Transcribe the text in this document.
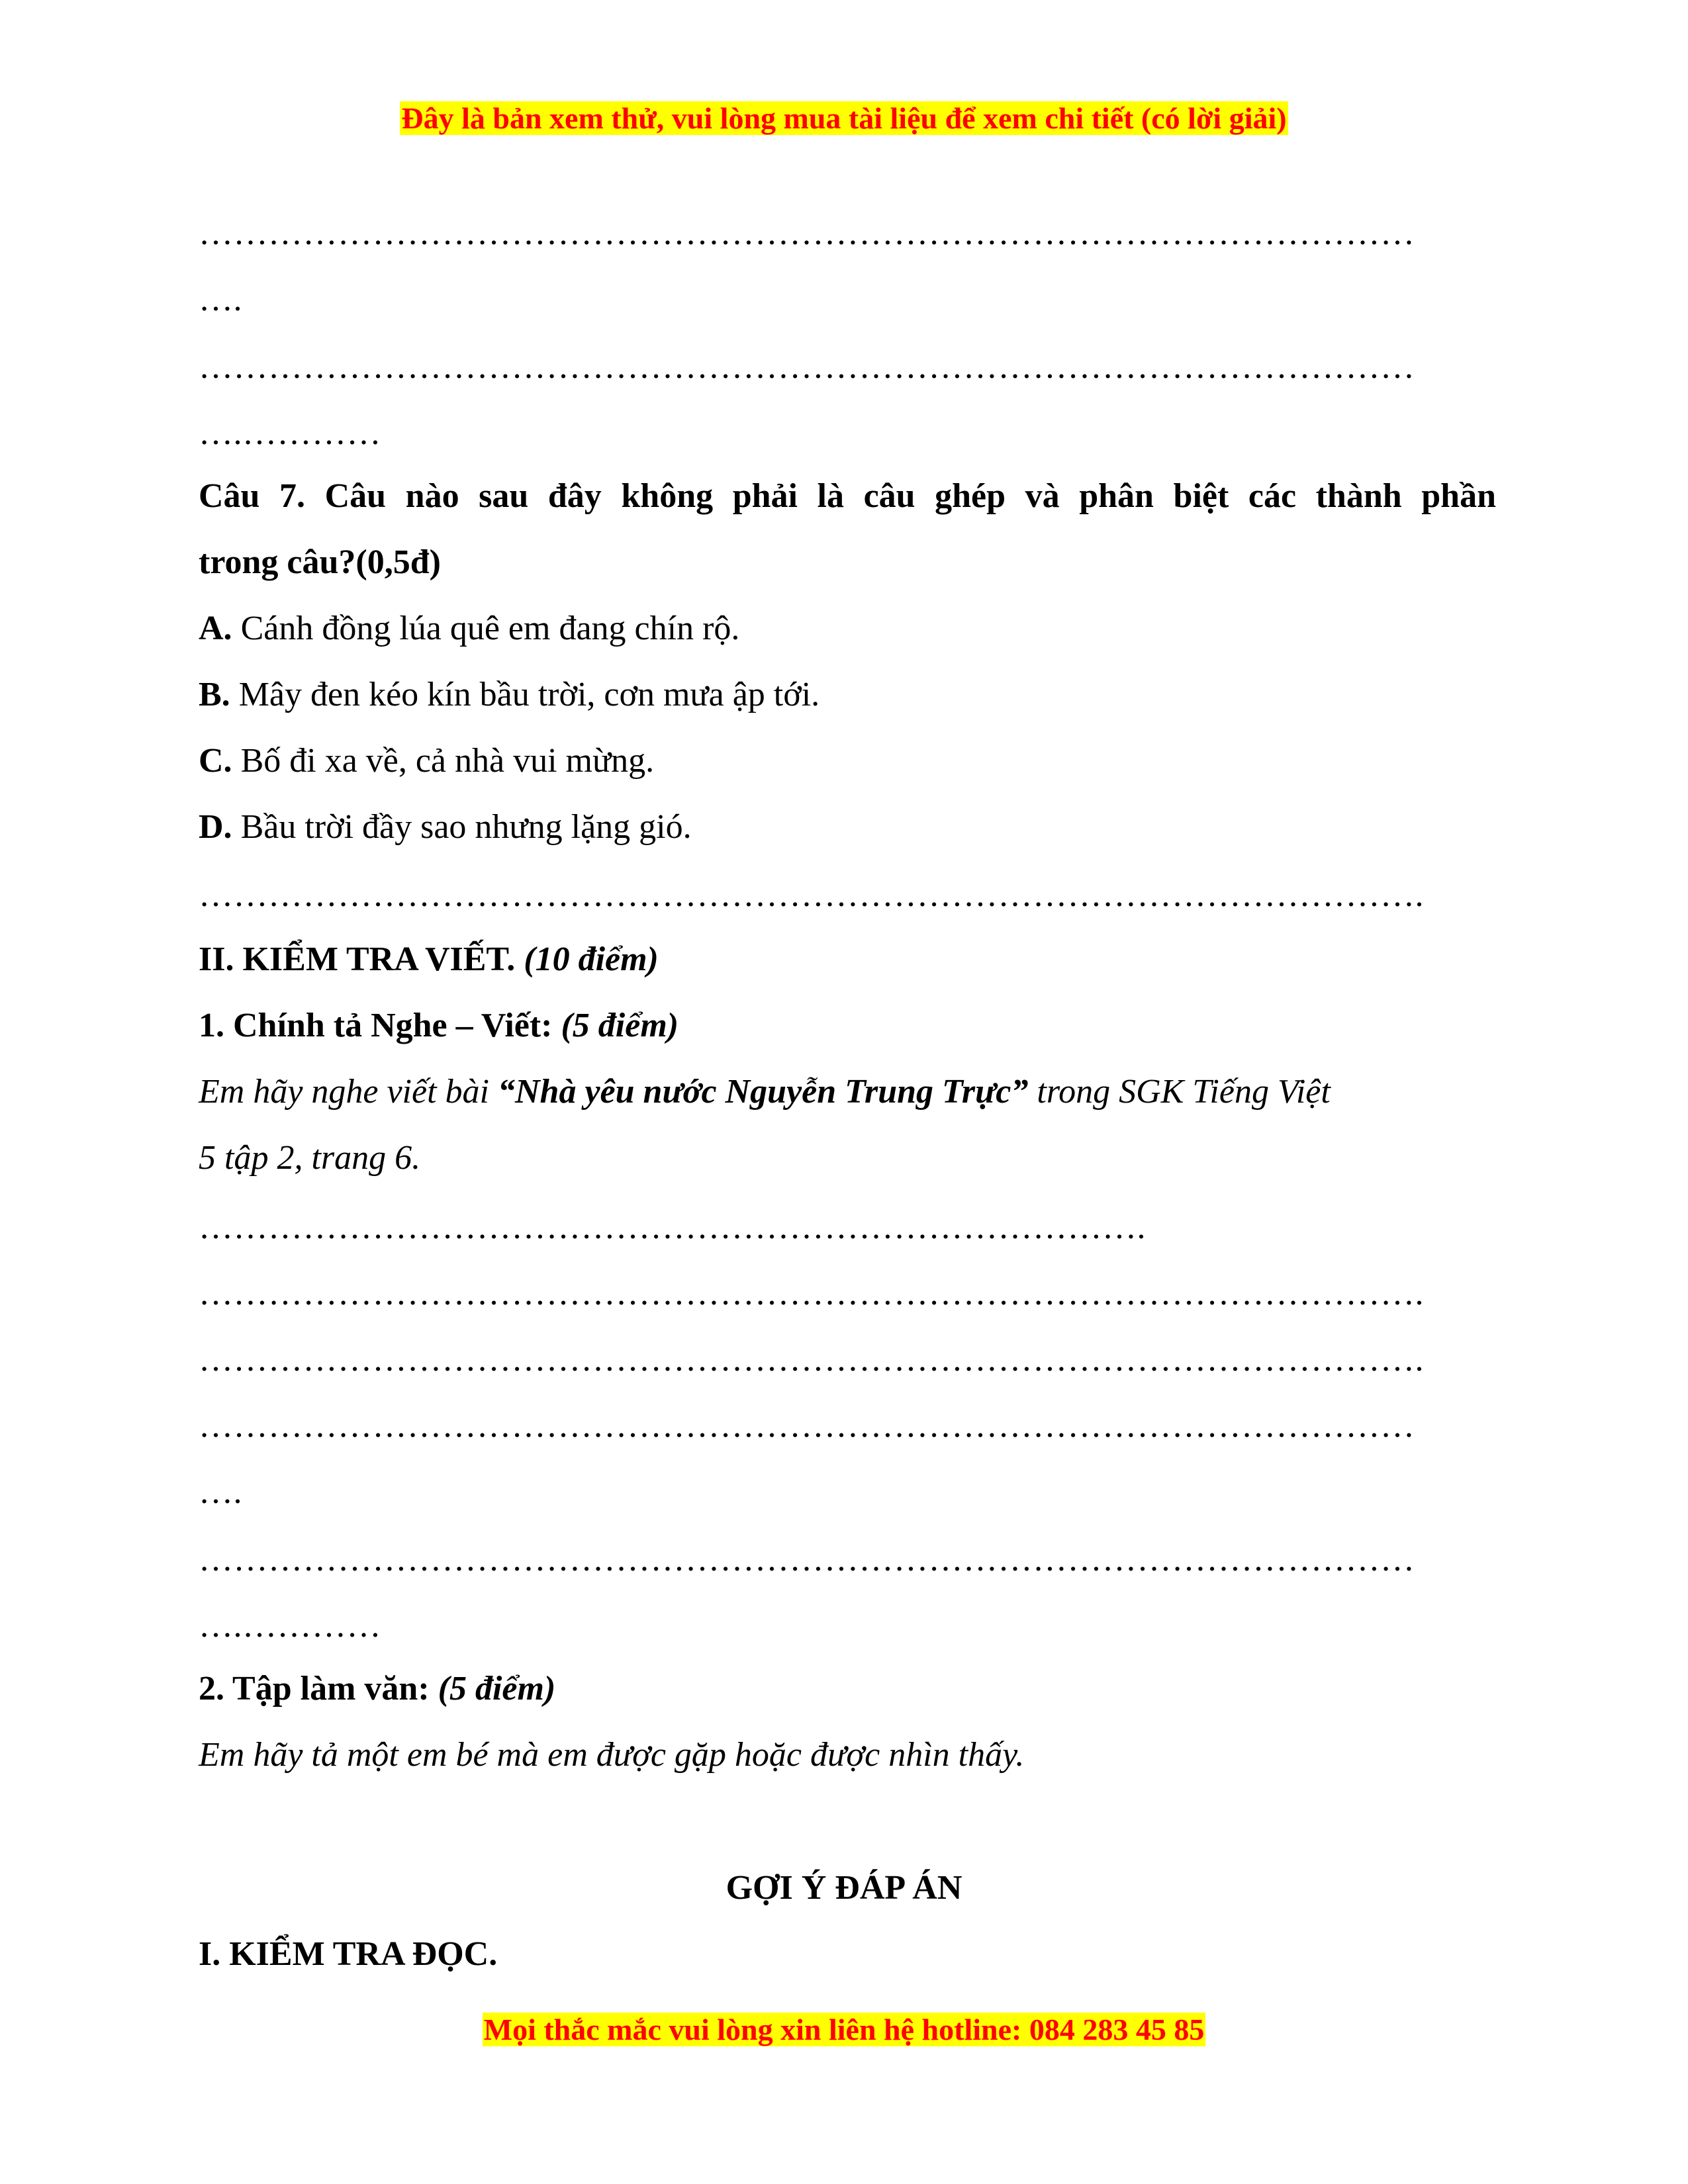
Đây là bản xem thử, vui lòng mua tài liệu để xem chi tiết (có lời giải)
……………………………………………………………………………………………
….
……………………………………………………………………………………………
….…………
Câu 7. Câu nào sau đây không phải là câu ghép và phân biệt các thành phần
trong câu?(0,5đ)
A. Cánh đồng lúa quê em đang chín rộ.
B. Mây đen kéo kín bầu trời, cơn mưa ập tới.
C. Bố đi xa về, cả nhà vui mừng.
D. Bầu trời đầy sao nhưng lặng gió.
…………………………………………………………………………………………….
II. KIỂM TRA VIẾT. (10 điểm)
1. Chính tả Nghe – Viết: (5 điểm)
Em hãy nghe viết bài “Nhà yêu nước Nguyễn Trung Trực” trong SGK Tiếng Việt
5 tập 2, trang 6.
……………………………………………………………………….
…………………………………………………………………………………………….
…………………………………………………………………………………………….
……………………………………………………………………………………………
….
……………………………………………………………………………………………
….…………
2. Tập làm văn: (5 điểm)
Em hãy tả một em bé mà em được gặp hoặc được nhìn thấy.
GỢI Ý ĐÁP ÁN
I. KIỂM TRA ĐỌC.
Mọi thắc mắc vui lòng xin liên hệ hotline: 084 283 45 85
